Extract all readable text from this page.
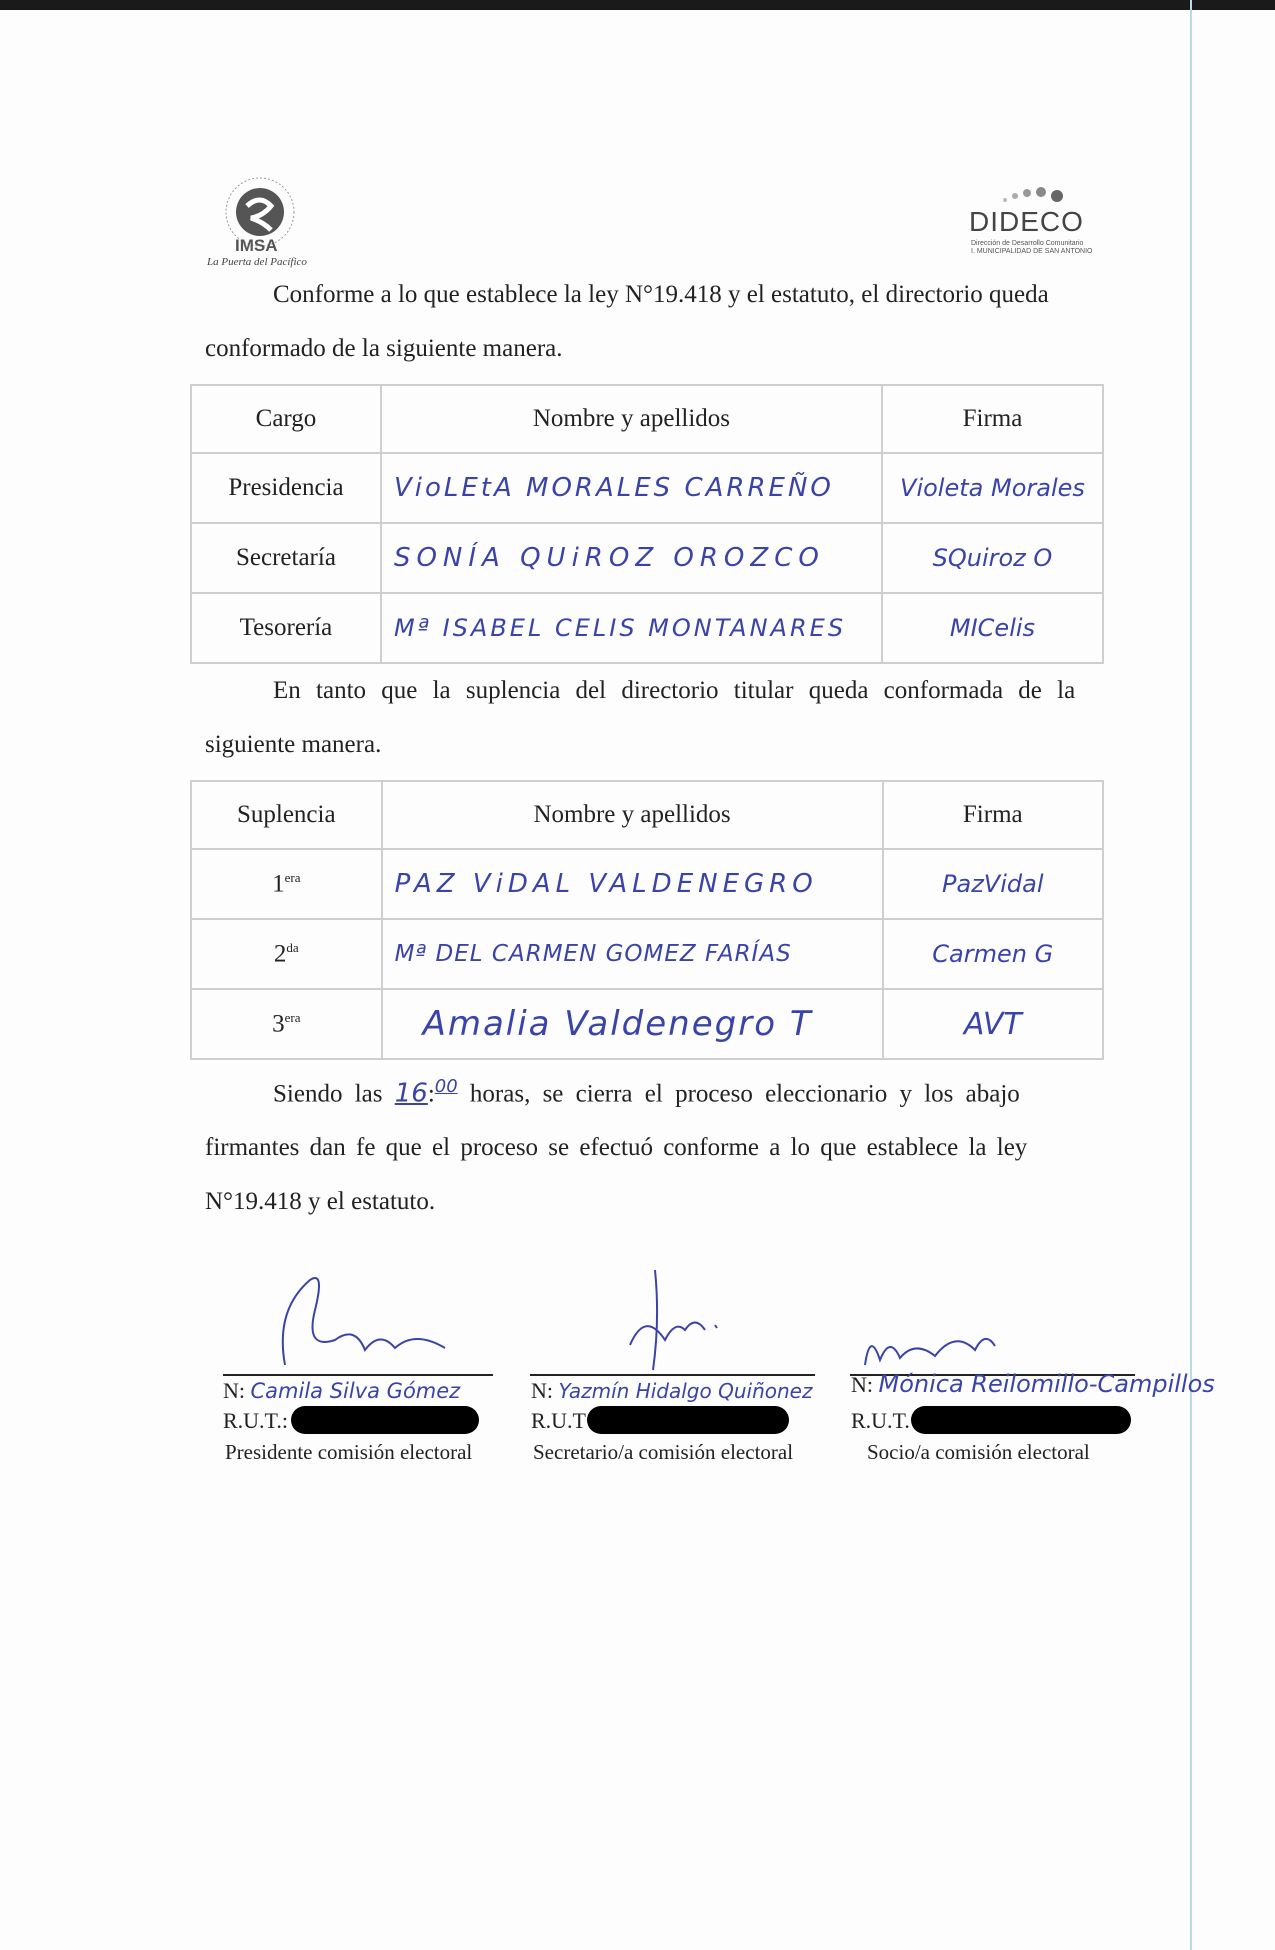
IMSA
La Puerta del Pacífico
DIDECO
Dirección de Desarrollo Comunitario
I. MUNICIPALIDAD DE SAN ANTONIO
Conforme a lo que establece la ley N°19.418 y el estatuto, el directorio queda
conformado de la siguiente manera.
Cargo	Nombre y apellidos	Firma
Presidencia	VioLEtA MORALES CARREÑO	Violeta Morales
Secretaría	SONÍA QUiROZ OROZCO	SQuiroz O
Tesorería	Mª ISABEL CELIS MONTANARES	MICelis
En tanto que la suplencia del directorio titular queda conformada de la
siguiente manera.
Suplencia	Nombre y apellidos	Firma
$1^{era}$	PAZ ViDAL VALDENEGRO	PazVidal
$2^{da}$	Mª DEL CARMEN GOMEZ FARÍAS	Carmen G
$3^{era}$	Amalia Valdenegro T	AVT
Siendo las 16:$^{00}$ horas, se cierra el proceso eleccionario y los abajo
firmantes dan fe que el proceso se efectuó conforme a lo que establece la ley
N°19.418 y el estatuto.
N: Camila Silva Gómez
R.U.T.:
Presidente comisión electoral
N: Yazmín Hidalgo Quiñonez
R.U.T
Secretario/a comisión electoral
N: Mónica Reilomillo-Campillos
R.U.T.
Socio/a comisión electoral
